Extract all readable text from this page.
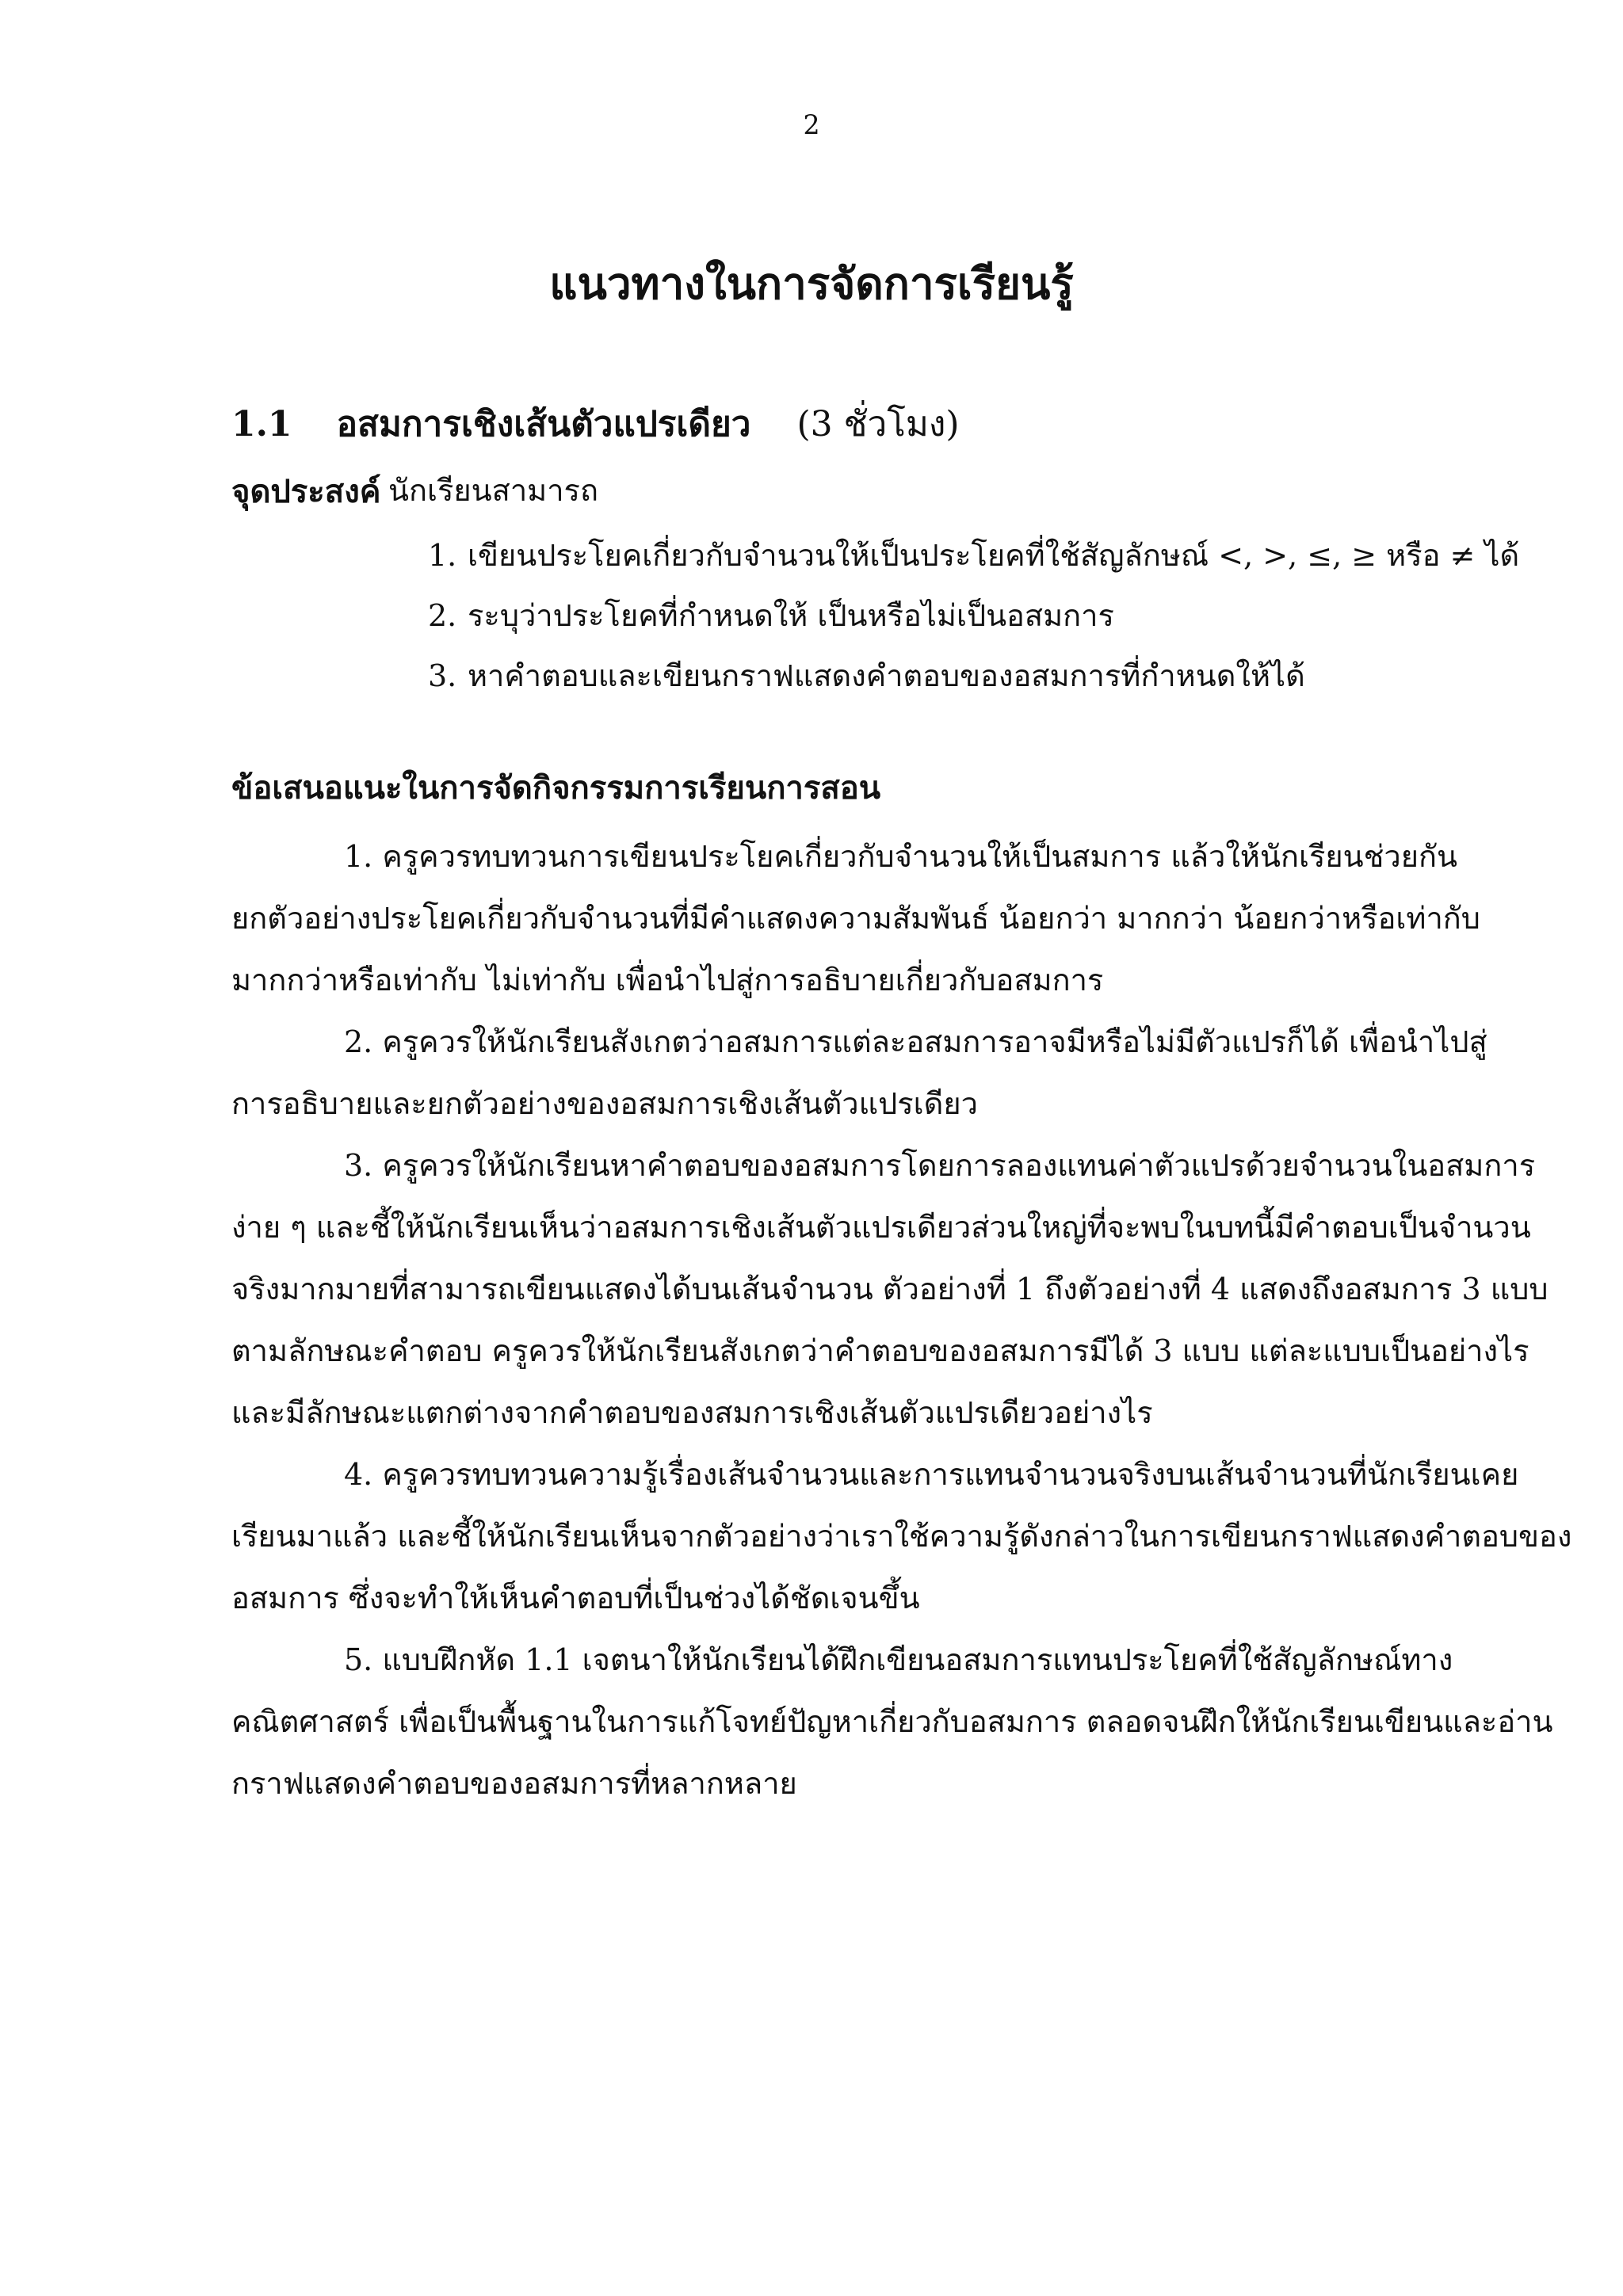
2
แนวทางในการจัดการเรียนรู้
1.1 อสมการเชิงเส้นตัวแปรเดียว (3 ชั่วโมง)
จุดประสงค์ นักเรียนสามารถ
1. เขียนประโยคเกี่ยวกับจำนวนให้เป็นประโยคที่ใช้สัญลักษณ์ <, >, ≤, ≥ หรือ ≠ ได้
2. ระบุว่าประโยคที่กำหนดให้ เป็นหรือไม่เป็นอสมการ
3. หาคำตอบและเขียนกราฟแสดงคำตอบของอสมการที่กำหนดให้ได้
ข้อเสนอแนะในการจัดกิจกรรมการเรียนการสอน
1. ครูควรทบทวนการเขียนประโยคเกี่ยวกับจำนวนให้เป็นสมการ แล้วให้นักเรียนช่วยกัน
ยกตัวอย่างประโยคเกี่ยวกับจำนวนที่มีคำแสดงความสัมพันธ์ น้อยกว่า มากกว่า น้อยกว่าหรือเท่ากับ
มากกว่าหรือเท่ากับ ไม่เท่ากับ เพื่อนำไปสู่การอธิบายเกี่ยวกับอสมการ
2. ครูควรให้นักเรียนสังเกตว่าอสมการแต่ละอสมการอาจมีหรือไม่มีตัวแปรก็ได้ เพื่อนำไปสู่
การอธิบายและยกตัวอย่างของอสมการเชิงเส้นตัวแปรเดียว
3. ครูควรให้นักเรียนหาคำตอบของอสมการโดยการลองแทนค่าตัวแปรด้วยจำนวนในอสมการ
ง่าย ๆ และชี้ให้นักเรียนเห็นว่าอสมการเชิงเส้นตัวแปรเดียวส่วนใหญ่ที่จะพบในบทนี้มีคำตอบเป็นจำนวน
จริงมากมายที่สามารถเขียนแสดงได้บนเส้นจำนวน ตัวอย่างที่ 1 ถึงตัวอย่างที่ 4 แสดงถึงอสมการ 3 แบบ
ตามลักษณะคำตอบ ครูควรให้นักเรียนสังเกตว่าคำตอบของอสมการมีได้ 3 แบบ แต่ละแบบเป็นอย่างไร
และมีลักษณะแตกต่างจากคำตอบของสมการเชิงเส้นตัวแปรเดียวอย่างไร
4. ครูควรทบทวนความรู้เรื่องเส้นจำนวนและการแทนจำนวนจริงบนเส้นจำนวนที่นักเรียนเคย
เรียนมาแล้ว และชี้ให้นักเรียนเห็นจากตัวอย่างว่าเราใช้ความรู้ดังกล่าวในการเขียนกราฟแสดงคำตอบของ
อสมการ ซึ่งจะทำให้เห็นคำตอบที่เป็นช่วงได้ชัดเจนขึ้น
5. แบบฝึกหัด 1.1 เจตนาให้นักเรียนได้ฝึกเขียนอสมการแทนประโยคที่ใช้สัญลักษณ์ทาง
คณิตศาสตร์ เพื่อเป็นพื้นฐานในการแก้โจทย์ปัญหาเกี่ยวกับอสมการ ตลอดจนฝึกให้นักเรียนเขียนและอ่าน
กราฟแสดงคำตอบของอสมการที่หลากหลาย
